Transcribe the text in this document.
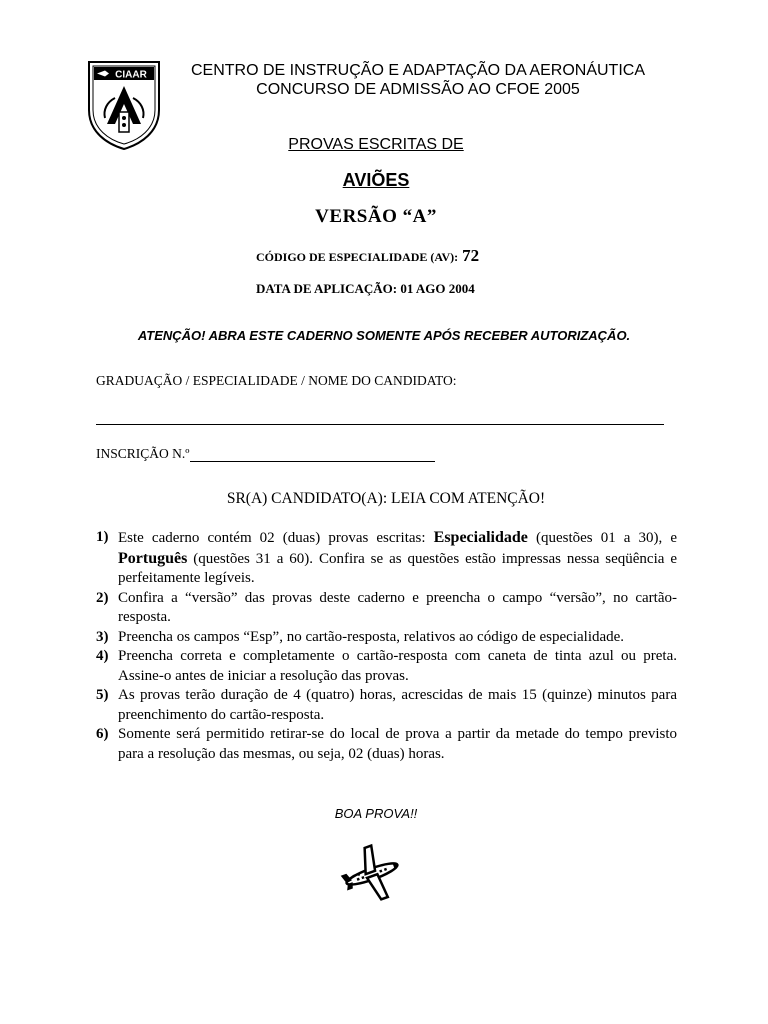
CIAAR	CENTRO DE INSTRUÇÃO E ADAPTAÇÃO DA AERONÁUTICA
CONCURSO DE ADMISSÃO AO CFOE 2005
PROVAS ESCRITAS DE
AVIÕES
VERSÃO “A”
CÓDIGO DE ESPECIALIDADE (AV): 72
DATA DE APLICAÇÃO: 01 AGO 2004
ATENÇÃO! ABRA ESTE CADERNO SOMENTE APÓS RECEBER AUTORIZAÇÃO.
GRADUAÇÃO / ESPECIALIDADE / NOME DO CANDIDATO:
INSCRIÇÃO N.º
SR(A) CANDIDATO(A): LEIA COM ATENÇÃO!
1) Este caderno contém 02 (duas) provas escritas: Especialidade (questões 01 a 30), e Português (questões 31 a 60). Confira se as questões estão impressas nessa seqüência e perfeitamente legíveis.
2) Confira a “versão” das provas deste caderno e preencha o campo “versão”, no cartão-resposta.
3) Preencha os campos “Esp”, no cartão-resposta, relativos ao código de especialidade.
4) Preencha correta e completamente o cartão-resposta com caneta de tinta azul ou preta. Assine-o antes de iniciar a resolução das provas.
5) As provas terão duração de 4 (quatro) horas, acrescidas de mais 15 (quinze) minutos para preenchimento do cartão-resposta.
6) Somente será permitido retirar-se do local de prova a partir da metade do tempo previsto para a resolução das mesmas, ou seja, 02 (duas) horas.
BOA PROVA!!
